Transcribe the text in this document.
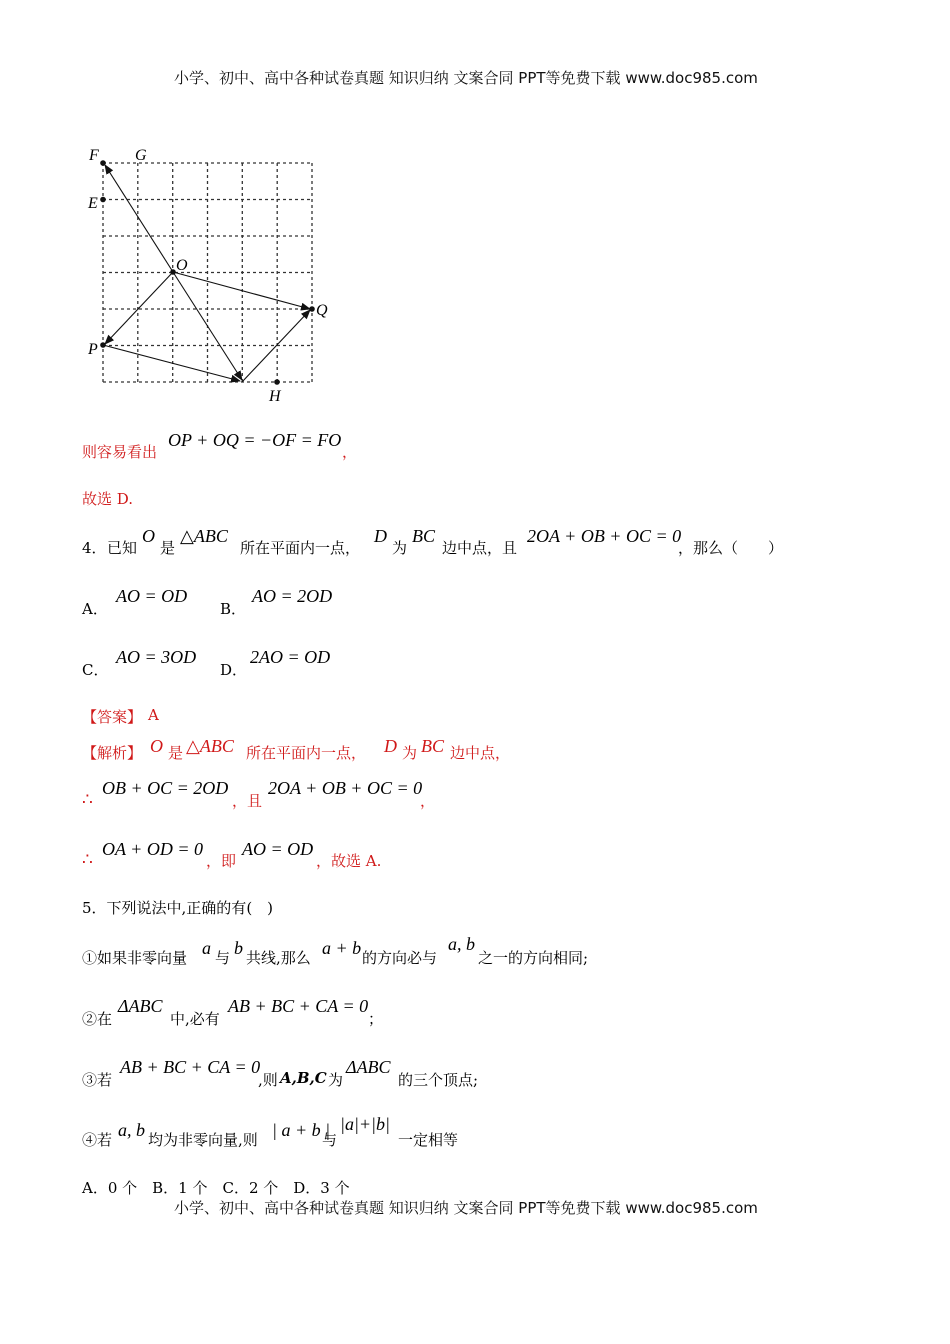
小学、初中、高中各种试卷真题 知识归纳 文案合同 PPT等免费下载 www.doc985.com
F G
E
O
Q
P
H
则容易看出
OP + OQ = −OF = FO
，
故选 D.
4． 已知
O
是
△ABC
所在平面内一点，
D
为
BC
边中点，且
2OA + OB + OC = 0
，那么（　　）
A．
AO = OD
B．
AO = 2OD
C．
AO = 3OD
D．
2AO = OD
【答案】 A
【解析】 O 是 △ABC 所在平面内一点， D 为 BC 边中点，
∴
OB + OC = 2OD
，且
2OA + OB + OC = 0
，
∴
OA + OD = 0
，即
AO = OD
，故选 A.
5．下列说法中,正确的有(　)
①如果非零向量 a 与 b 共线,那么 a + b 的方向必与
a, b
之一的方向相同;
②在
ΔABC
中,必有
AB + BC + CA = 0
；
③若
AB + BC + CA = 0
,则 A,B,C 为
ΔABC
的三个顶点;
④若 a, b 均为非零向量,则 | a + b |
与
|a|+|b|
一定相等
A．0 个　B．1 个　C．2 个　D．3 个
小学、初中、高中各种试卷真题 知识归纳 文案合同 PPT等免费下载 www.doc985.com
